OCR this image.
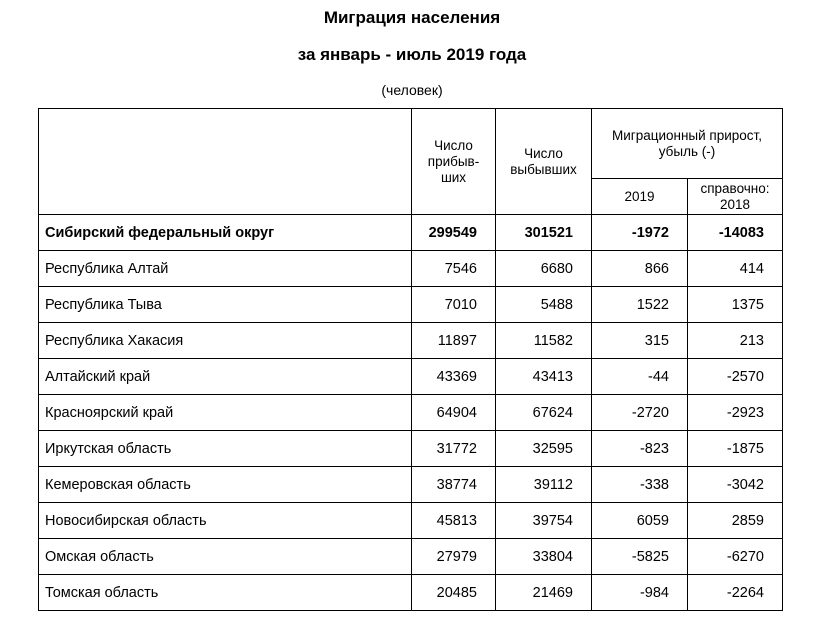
Миграция населения
за январь - июль 2019 года
(человек)
	Число прибыв-ших	Число выбывших	Миграционный прирост, убыль (-)	
			2019	справочно: 2018
Сибирский федеральный округ	299549	301521	-1972	-14083
Республика Алтай	7546	6680	866	414
Республика Тыва	7010	5488	1522	1375
Республика Хакасия	11897	11582	315	213
Алтайский край	43369	43413	-44	-2570
Красноярский край	64904	67624	-2720	-2923
Иркутская область	31772	32595	-823	-1875
Кемеровская область	38774	39112	-338	-3042
Новосибирская область	45813	39754	6059	2859
Омская область	27979	33804	-5825	-6270
Томская область	20485	21469	-984	-2264
